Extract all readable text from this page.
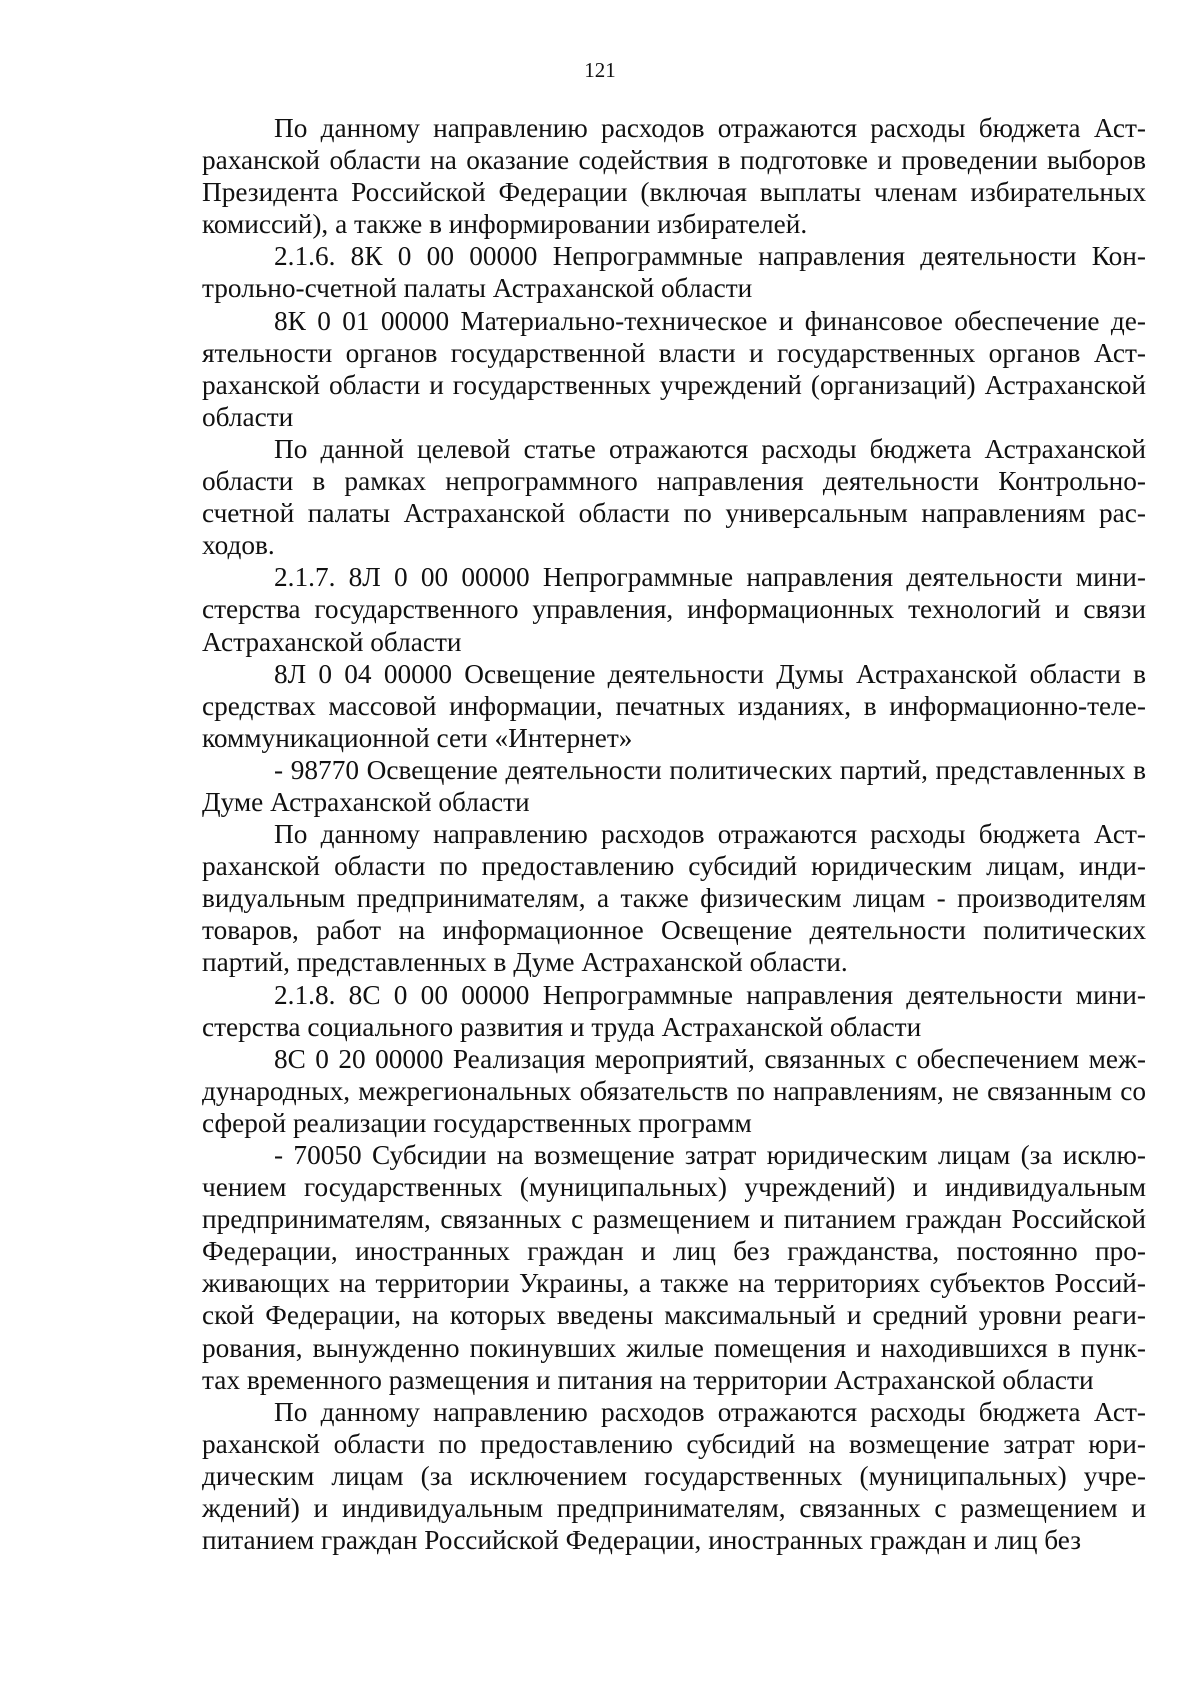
121

По данному направлению расходов отражаются расходы бюджета Астраханской области на оказание содействия в подготовке и проведении выборов Президента Российской Федерации (включая выплаты членам избирательных комиссий), а также в информировании избирателей.

2.1.6. 8К 0 00 00000 Непрограммные направления деятельности Контрольно-счетной палаты Астраханской области

8К 0 01 00000 Материально-техническое и финансовое обеспечение деятельности органов государственной власти и государственных органов Астраханской области и государственных учреждений (организаций) Астраханской области

По данной целевой статье отражаются расходы бюджета Астраханской области в рамках непрограммного направления деятельности Контрольно-счетной палаты Астраханской области по универсальным направлениям расходов.

2.1.7. 8Л 0 00 00000 Непрограммные направления деятельности министерства государственного управления, информационных технологий и связи Астраханской области

8Л 0 04 00000 Освещение деятельности Думы Астраханской области в средствах массовой информации, печатных изданиях, в информационно-телекоммуникационной сети «Интернет»

- 98770 Освещение деятельности политических партий, представленных в Думе Астраханской области

По данному направлению расходов отражаются расходы бюджета Астраханской области по предоставлению субсидий юридическим лицам, индивидуальным предпринимателям, а также физическим лицам - производителям товаров, работ на информационное Освещение деятельности политических партий, представленных в Думе Астраханской области.

2.1.8. 8С 0 00 00000 Непрограммные направления деятельности министерства социального развития и труда Астраханской области

8С 0 20 00000 Реализация мероприятий, связанных с обеспечением международных, межрегиональных обязательств по направлениям, не связанным со сферой реализации государственных программ

- 70050 Субсидии на возмещение затрат юридическим лицам (за исключением государственных (муниципальных) учреждений) и индивидуальным предпринимателям, связанных с размещением и питанием граждан Российской Федерации, иностранных граждан и лиц без гражданства, постоянно проживающих на территории Украины, а также на территориях субъектов Российской Федерации, на которых введены максимальный и средний уровни реагирования, вынужденно покинувших жилые помещения и находившихся в пунктах временного размещения и питания на территории Астраханской области

По данному направлению расходов отражаются расходы бюджета Астраханской области по предоставлению субсидий на возмещение затрат юридическим лицам (за исключением государственных (муниципальных) учреждений) и индивидуальным предпринимателям, связанных с размещением и питанием граждан Российской Федерации, иностранных граждан и лиц без
